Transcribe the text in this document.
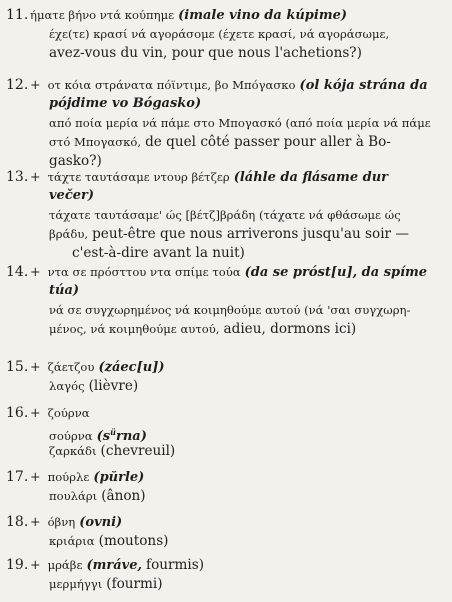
11. ήματε βήνο ντά κούπημε (imale vino da kúpime)
έχε(τε) κρασί νά αγοράσομε (έχετε κρασί, νά αγοράσωμε,
avez-vous du vin, pour que nous l'achetions?)
12. + οτ κόια στράνατα πόϊντιμε, βο Μπόγασκο (ol kója strána da
pójdime vo Bógasko)
από ποία μερία νά πάμε στο Μπογασκό (από ποία μερία νά πάμε
στό Μπογασκό, de quel côté passer pour aller à Bo-
gasko?)
13. + τάχτε ταυτάσαμε ντουρ βέτζερ (láhle da flásame dur
večer)
τάχατε ταυτάσαμε' ώς [βέτζ]βράδη (τάχατε νά φθάσωμε ώς
βράδυ, peut-être que nous arriverons jusqu'au soir —
c'est-à-dire avant la nuit)
14. + ντα σε πρόσττου ντα σπίμε τούα (da se próst[u], da spíme
túa)
νά σε συγχωρημένος νά κοιμηθούμε αυτού (νά 'σαι συγχωρη-
μένος, νά κοιμηθούμε αυτού, adieu, dormons ici)
15. + ζάετζου (záec[u])
λαγός (lièvre)
16. + ζούρνα
σούρνα $(s^ürna)$
ζαρκάδι (chevreuil)
17. + πούρλε (pŭrle)
πουλάρι (ânon)
18. + όβνη (ovni)
κριάρια (moutons)
19. + μράβε (mráve, fourmis)
μερμήγγι (fourmi)
